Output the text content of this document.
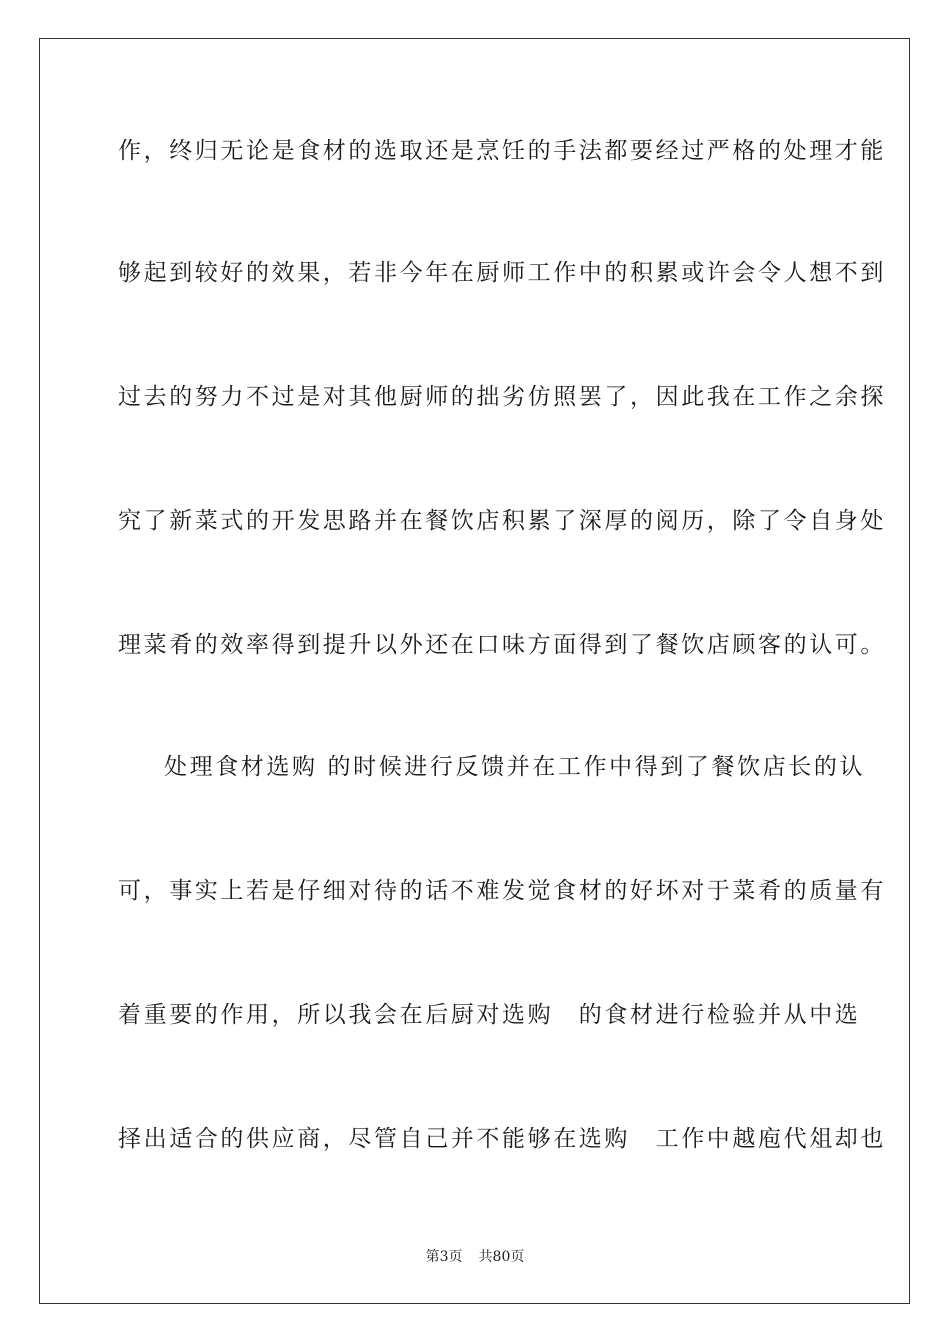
作，终归无论是食材的选取还是烹饪的手法都要经过严格的处理才能
够起到较好的效果，若非今年在厨师工作中的积累或许会令人想不到
过去的努力不过是对其他厨师的拙劣仿照罢了，因此我在工作之余探
究了新菜式的开发思路并在餐饮店积累了深厚的阅历，除了令自身处
理菜肴的效率得到提升以外还在口味方面得到了餐饮店顾客的认可。
处理食材选购 的时候进行反馈并在工作中得到了餐饮店长的认
可，事实上若是仔细对待的话不难发觉食材的好坏对于菜肴的质量有
着重要的作用，所以我会在后厨对选购　的食材进行检验并从中选
择出适合的供应商，尽管自己并不能够在选购　工作中越庖代俎却也
第3页 共80页
